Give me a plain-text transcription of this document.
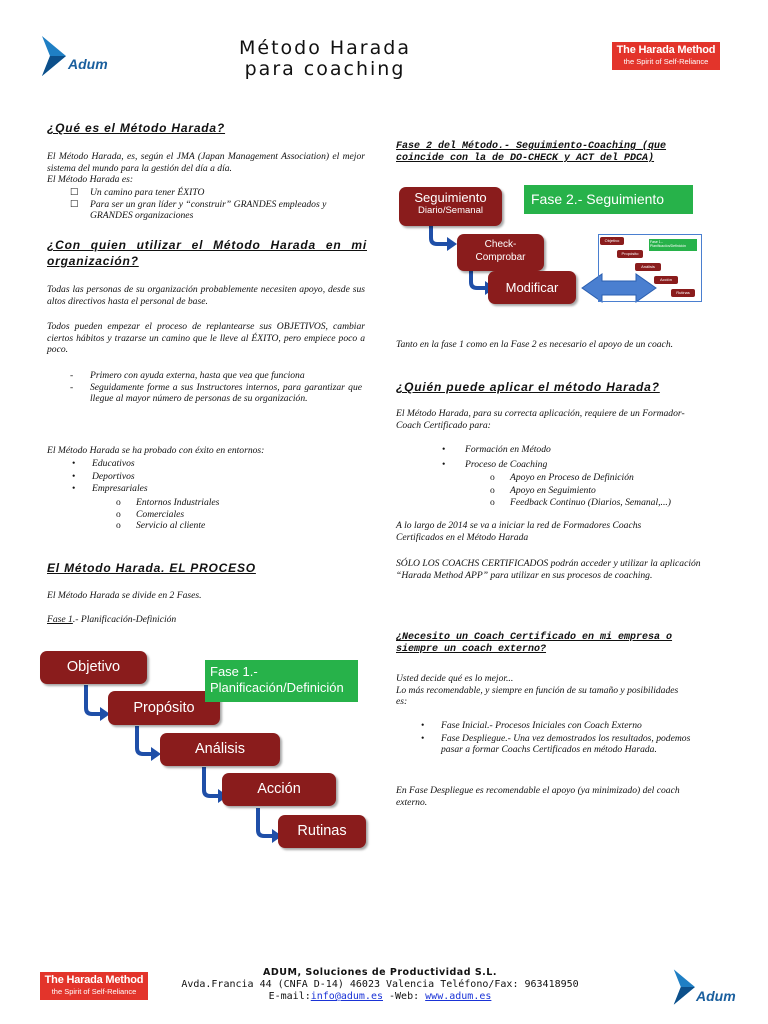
Adum
Método Harada
para coaching
The Harada Method
the Spirit of Self-Reliance
¿Qué es el Método Harada?
El Método Harada, es, según el JMA (Japan Management Association) el mejor sistema del mundo para la gestión del día a día.
El Método Harada es:
☐ Un camino para tener ÉXITO
☐ Para ser un gran líder y “construir” GRANDES empleados y GRANDES organizaciones
¿Con quien utilizar el Método Harada en mi organización?
Todas las personas de su organización probablemente necesiten apoyo, desde sus altos directivos hasta el personal de base.
Todos pueden empezar el proceso de replantearse sus OBJETIVOS, cambiar ciertos hábitos y trazarse un camino que le lleve al ÉXITO, pero empiece poco a poco.
- Primero con ayuda externa, hasta que vea que funciona
- Seguidamente forme a sus Instructores internos, para garantizar que llegue al mayor número de personas de su organización.
El Método Harada se ha probado con éxito en entornos:
• Educativos
• Deportivos
• Empresariales
o Entornos Industriales
o Comerciales
o Servicio al cliente
El Método Harada. EL PROCESO
El Método Harada se divide en 2 Fases.
Fase 1.- Planificación-Definición
Objetivo
Propósito
Análisis
Acción
Rutinas
Fase 1.- Planificación/Definición
Fase 2 del Método.- Seguimiento-Coaching (que coincide con la de DO-CHECK y ACT del PDCA)
Seguimiento
Diario/Semanal
Check-
Comprobar
Modificar
Fase 2.- Seguimiento
Objetivo
Propósito
Análisis
Acción
Rutinas
Fase 1.- Planificación/Definición
Tanto en la fase 1 como en la Fase 2 es necesario el apoyo de un coach.
¿Quién puede aplicar el método Harada?
El Método Harada, para su correcta aplicación, requiere de un Formador-Coach Certificado para:
• Formación en Método
• Proceso de Coaching
o Apoyo en Proceso de Definición
o Apoyo en Seguimiento
o Feedback Continuo (Diarios, Semanal,...)
A lo largo de 2014 se va a iniciar la red de Formadores Coachs Certificados en el Método Harada
SÓLO LOS COACHS CERTIFICADOS podrán acceder y utilizar la aplicación “Harada Method APP” para utilizar en sus procesos de coaching.
¿Necesito un Coach Certificado en mi empresa o siempre un coach externo?
Usted decide qué es lo mejor...
Lo más recomendable, y siempre en función de su tamaño y posibilidades es:
• Fase Inicial.- Procesos Iniciales con Coach Externo
• Fase Despliegue.- Una vez demostrados los resultados, podemos pasar a formar Coachs Certificados en método Harada.
En Fase Despliegue es recomendable el apoyo (ya minimizado) del coach externo.
The Harada Method
the Spirit of Self-Reliance
ADUM, Soluciones de Productividad S.L.
Avda.Francia 44 (CNFA D-14) 46023 Valencia Teléfono/Fax: 963418950
E-mail:info@adum.es -Web: www.adum.es	Adum
